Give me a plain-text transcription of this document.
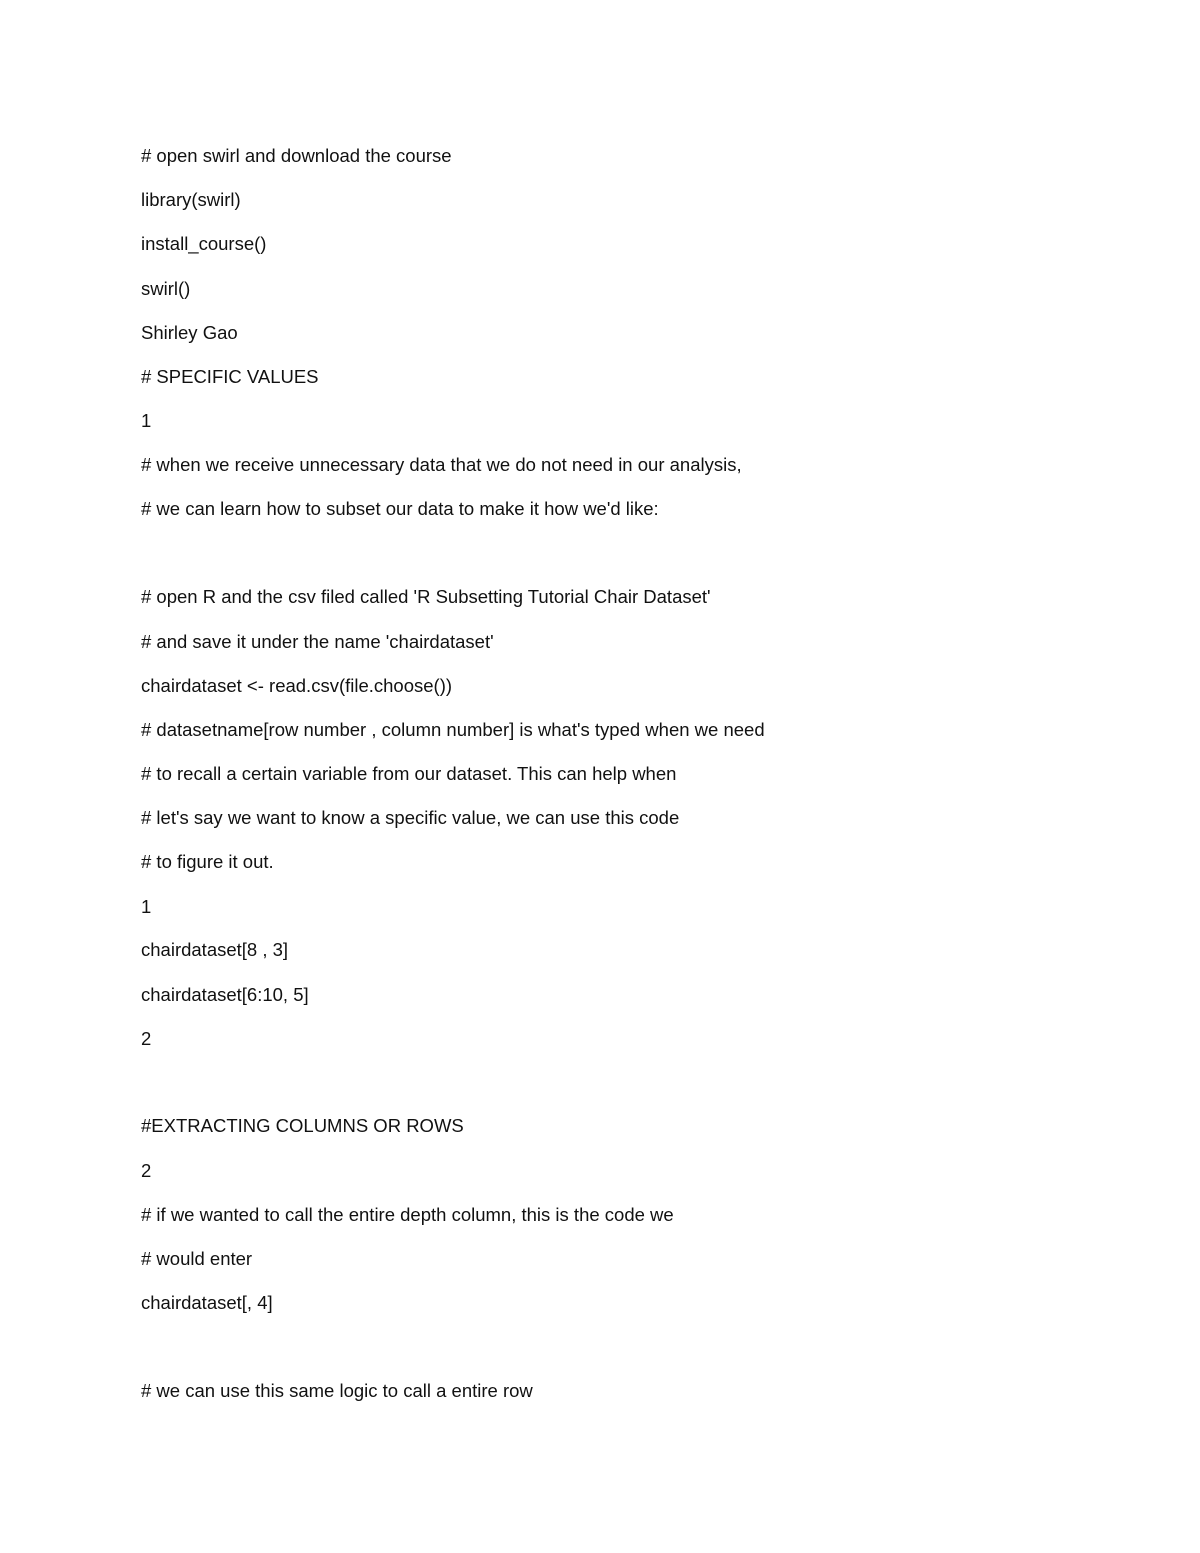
# open swirl and download the course
library(swirl)
install_course()
swirl()
Shirley Gao
# SPECIFIC VALUES
1
# when we receive unnecessary data that we do not need in our analysis,
# we can learn how to subset our data to make it how we'd like:
# open R and the csv filed called 'R Subsetting Tutorial Chair Dataset'
# and save it under the name 'chairdataset'
chairdataset <- read.csv(file.choose())
# datasetname[row number , column number] is what's typed when we need
# to recall a certain variable from our dataset. This can help when
# let's say we want to know a specific value, we can use this code
# to figure it out.
1
chairdataset[8 , 3]
chairdataset[6:10, 5]
2
#EXTRACTING COLUMNS OR ROWS
2
# if we wanted to call the entire depth column, this is the code we
# would enter
chairdataset[, 4]
# we can use this same logic to call a entire row
